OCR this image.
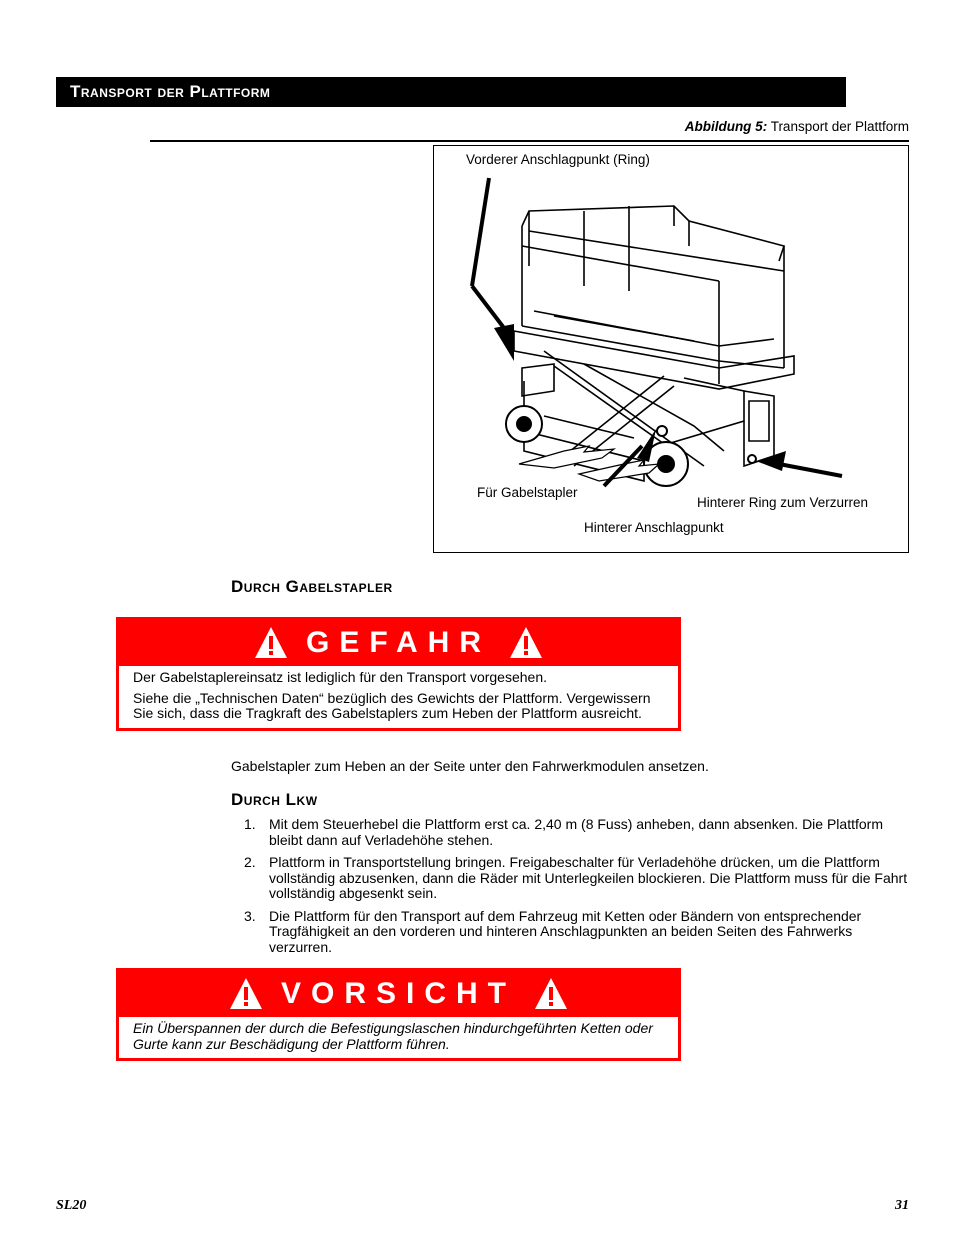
Transport der Plattform
Abbildung 5: Transport der Plattform
Vorderer Anschlagpunkt (Ring)
Für Gabelstapler
Hinterer Ring zum Verzurren
Hinterer Anschlagpunkt
Durch Gabelstapler
GEFAHR

Der Gabelstaplereinsatz ist lediglich für den Transport vorgesehen.

Siehe die „Technischen Daten“ bezüglich des Gewichts der Plattform. Vergewissern Sie sich, dass die Tragkraft des Gabelstaplers zum Heben der Plattform ausreicht.

Gabelstapler zum Heben an der Seite unter den Fahrwerkmodulen ansetzen.
Durch Lkw
1. Mit dem Steuerhebel die Plattform erst ca. 2,40 m (8 Fuss) anheben, dann absenken. Die Plattform bleibt dann auf Verladehöhe stehen.
2. Plattform in Transportstellung bringen. Freigabeschalter für Verladehöhe drücken, um die Plattform vollständig abzusenken, dann die Räder mit Unterlegkeilen blockieren. Die Plattform muss für die Fahrt vollständig abgesenkt sein.
3. Die Plattform für den Transport auf dem Fahrzeug mit Ketten oder Bändern von entsprechender Tragfähigkeit an den vorderen und hinteren Anschlagpunkten an beiden Seiten des Fahrwerks verzurren.
VORSICHT

Ein Überspannen der durch die Befestigungslaschen hindurchgeführten Ketten oder Gurte kann zur Beschädigung der Plattform führen.

SL20	31
